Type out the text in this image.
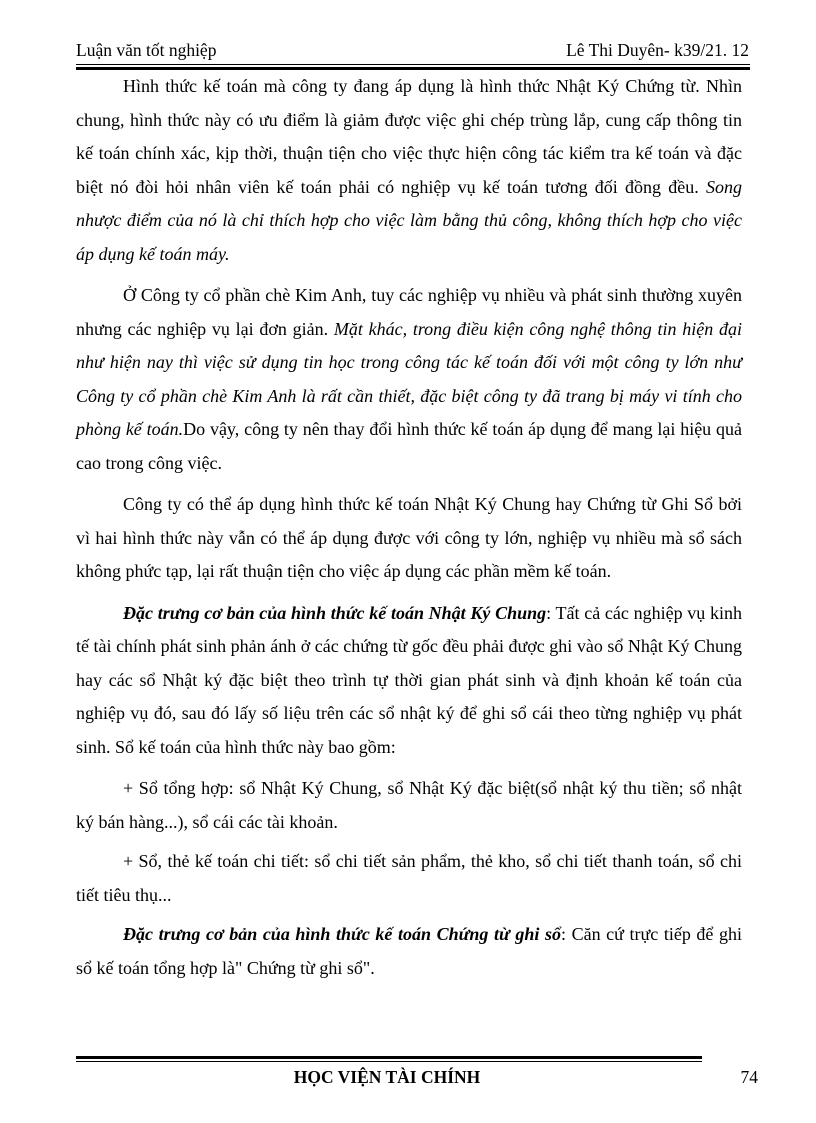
Luận văn tốt nghiệp	Lê Thi Duyên- k39/21. 12

Hình thức kế toán mà công ty đang áp dụng là hình thức Nhật Ký Chứng từ. Nhìn chung, hình thức này có ưu điểm là giảm được việc ghi chép trùng lắp, cung cấp thông tin kế toán chính xác, kịp thời, thuận tiện cho việc thực hiện công tác kiểm tra kế toán và đặc biệt nó đòi hỏi nhân viên kế toán phải có nghiệp vụ kế toán tương đối đồng đều. Song nhược điểm của nó là chỉ thích hợp cho việc làm bằng thủ công, không thích hợp cho việc áp dụng kế toán máy.

Ở Công ty cổ phần chè Kim Anh, tuy các nghiệp vụ nhiều và phát sinh thường xuyên nhưng các nghiệp vụ lại đơn giản. Mặt khác, trong điều kiện công nghệ thông tin hiện đại như hiện nay thì việc sử dụng tin học trong công tác kế toán đối với một công ty lớn như Công ty cổ phần chè Kim Anh là rất cần thiết, đặc biệt công ty đã trang bị máy vi tính cho phòng kế toán.Do vậy, công ty nên thay đổi hình thức kế toán áp dụng để mang lại hiệu quả cao trong công việc.

Công ty có thể áp dụng hình thức kế toán Nhật Ký Chung hay Chứng từ Ghi Sổ bởi vì hai hình thức này vẫn có thể áp dụng được với công ty lớn, nghiệp vụ nhiều mà sổ sách không phức tạp, lại rất thuận tiện cho việc áp dụng các phần mềm kế toán.

Đặc trưng cơ bản của hình thức kế toán Nhật Ký Chung: Tất cả các nghiệp vụ kinh tế tài chính phát sinh phản ánh ở các chứng từ gốc đều phải được ghi vào sổ Nhật Ký Chung hay các sổ Nhật ký đặc biệt theo trình tự thời gian phát sinh và định khoản kế toán của nghiệp vụ đó, sau đó lấy số liệu trên các sổ nhật ký để ghi sổ cái theo từng nghiệp vụ phát sinh. Sổ kế toán của hình thức này bao gồm:

+ Sổ tổng hợp: sổ Nhật Ký Chung, sổ Nhật Ký đặc biệt(sổ nhật ký thu tiền; sổ nhật ký bán hàng...), sổ cái các tài khoản.

+ Sổ, thẻ kế toán chi tiết: sổ chi tiết sản phẩm, thẻ kho, sổ chi tiết thanh toán, sổ chi tiết tiêu thụ...

Đặc trưng cơ bản của hình thức kế toán Chứng từ ghi sổ: Căn cứ trực tiếp để ghi sổ kế toán tổng hợp là" Chứng từ ghi sổ".

HỌC VIỆN TÀI CHÍNH	74
